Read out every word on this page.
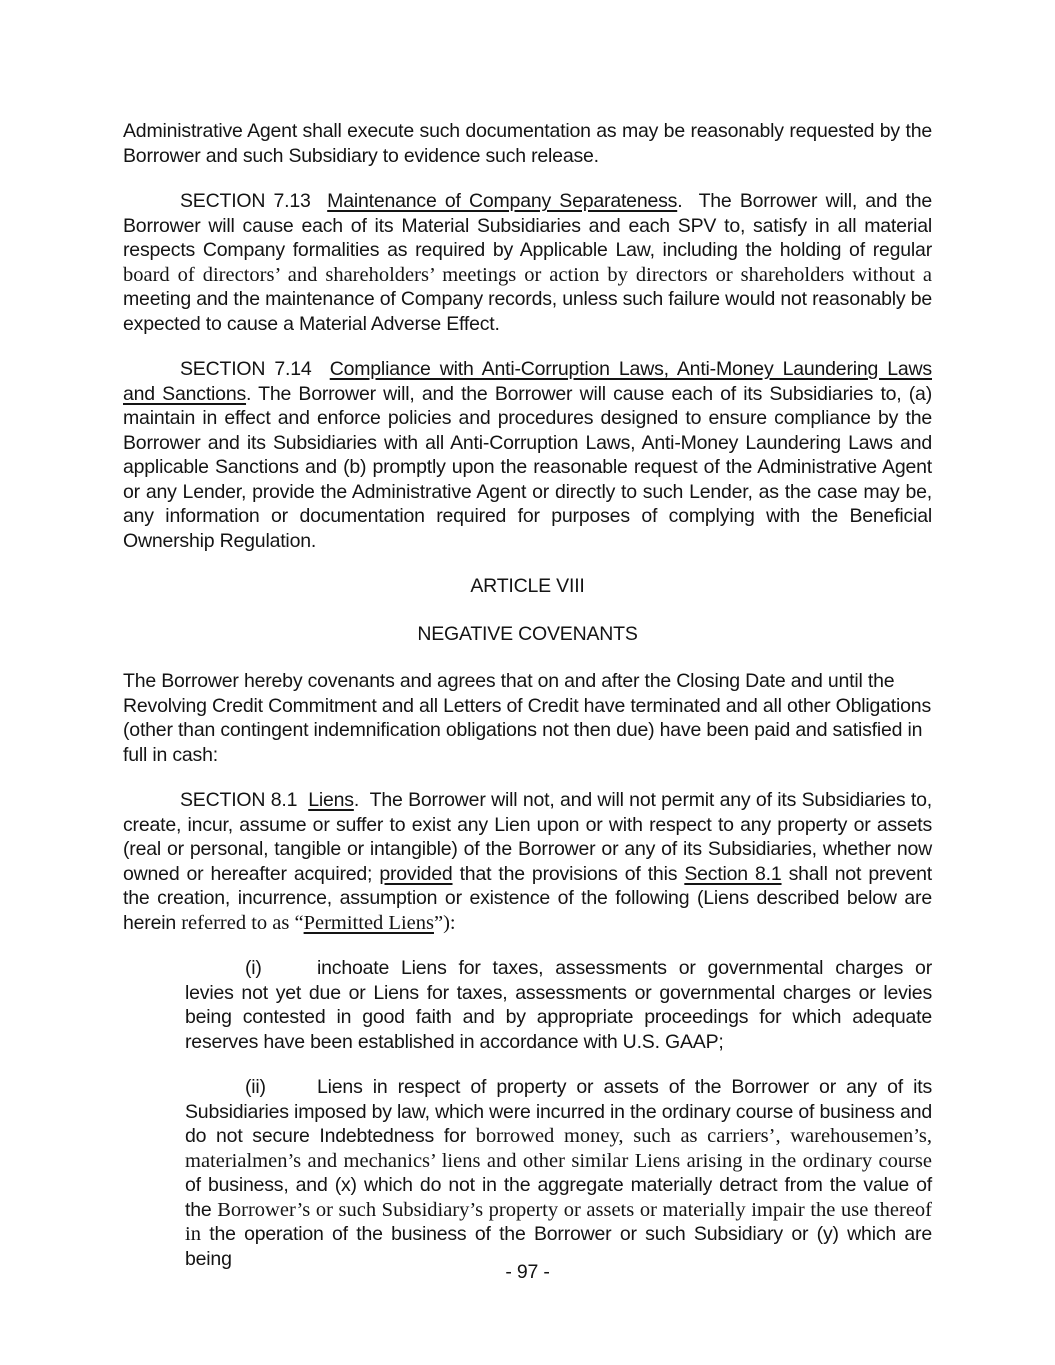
Administrative Agent shall execute such documentation as may be reasonably requested by the Borrower and such Subsidiary to evidence such release.

SECTION 7.13  Maintenance of Company Separateness.  The Borrower will, and the Borrower will cause each of its Material Subsidiaries and each SPV to, satisfy in all material respects Company formalities as required by Applicable Law, including the holding of regular board of directors’ and shareholders’ meetings or action by directors or shareholders without a meeting and the maintenance of Company records, unless such failure would not reasonably be expected to cause a Material Adverse Effect.

SECTION 7.14  Compliance with Anti-Corruption Laws, Anti-Money Laundering Laws and Sanctions. The Borrower will, and the Borrower will cause each of its Subsidiaries to, (a) maintain in effect and enforce policies and procedures designed to ensure compliance by the Borrower and its Subsidiaries with all Anti-Corruption Laws, Anti-Money Laundering Laws and applicable Sanctions and (b) promptly upon the reasonable request of the Administrative Agent or any Lender, provide the Administrative Agent or directly to such Lender, as the case may be, any information or documentation required for purposes of complying with the Beneficial Ownership Regulation.

ARTICLE VIII

NEGATIVE COVENANTS

The Borrower hereby covenants and agrees that on and after the Closing Date and until the Revolving Credit Commitment and all Letters of Credit have terminated and all other Obligations (other than contingent indemnification obligations not then due) have been paid and satisfied in full in cash:

SECTION 8.1  Liens.  The Borrower will not, and will not permit any of its Subsidiaries to, create, incur, assume or suffer to exist any Lien upon or with respect to any property or assets (real or personal, tangible or intangible) of the Borrower or any of its Subsidiaries, whether now owned or hereafter acquired; provided that the provisions of this Section 8.1 shall not prevent the creation, incurrence, assumption or existence of the following (Liens described below are herein referred to as “Permitted Liens”):

(i)	inchoate Liens for taxes, assessments or governmental charges or levies not yet due or Liens for taxes, assessments or governmental charges or levies being contested in good faith and by appropriate proceedings for which adequate reserves have been established in accordance with U.S. GAAP;

(ii)	Liens in respect of property or assets of the Borrower or any of its Subsidiaries imposed by law, which were incurred in the ordinary course of business and do not secure Indebtedness for borrowed money, such as carriers’, warehousemen’s, materialmen’s and mechanics’ liens and other similar Liens arising in the ordinary course of business, and (x) which do not in the aggregate materially detract from the value of the Borrower’s or such Subsidiary’s property or assets or materially impair the use thereof in the operation of the business of the Borrower or such Subsidiary or (y) which are being

- 97 -
